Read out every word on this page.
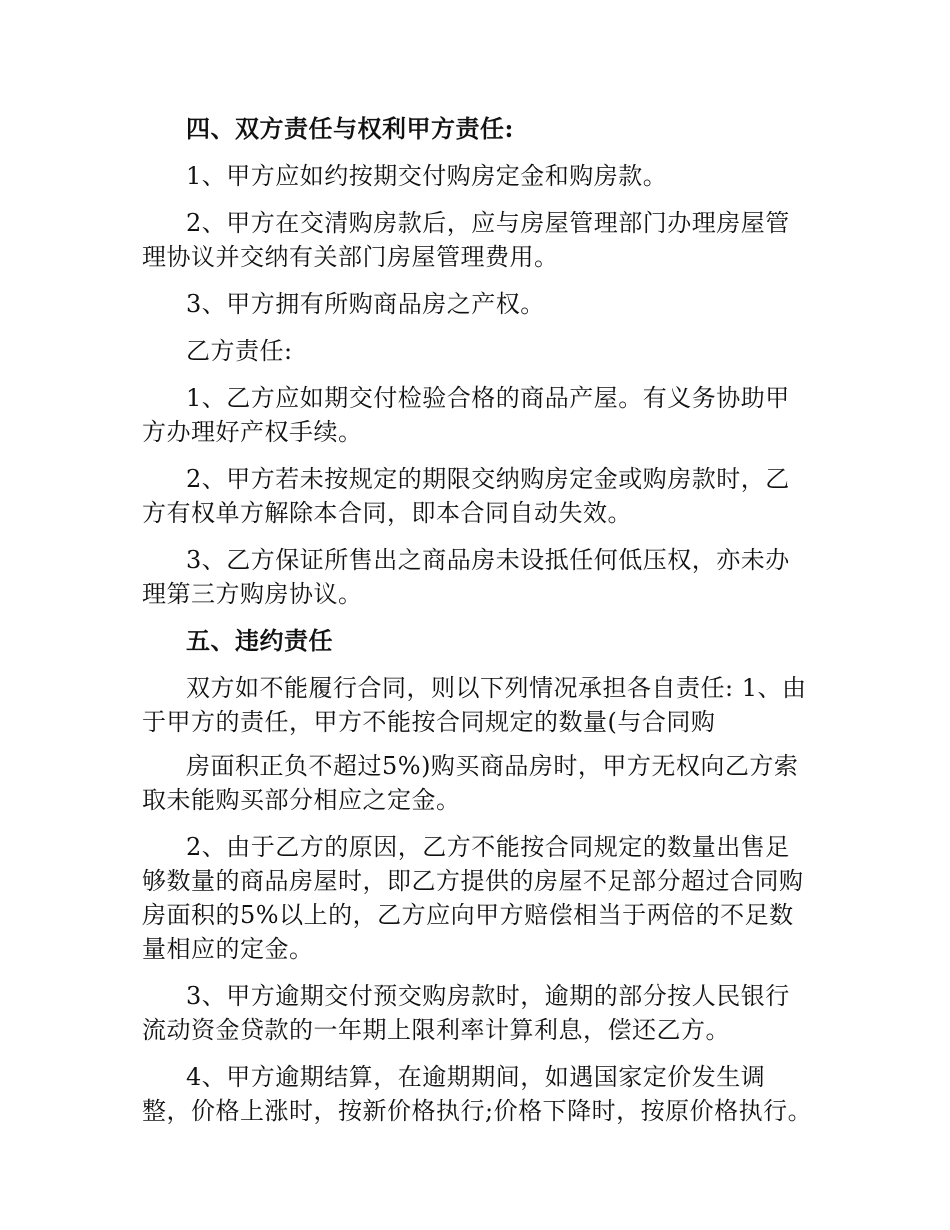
四、双方责任与权利甲方责任:

1、甲方应如约按期交付购房定金和购房款。

2、甲方在交清购房款后，应与房屋管理部门办理房屋管理协议并交纳有关部门房屋管理费用。

3、甲方拥有所购商品房之产权。

乙方责任:

1、乙方应如期交付检验合格的商品产屋。有义务协助甲方办理好产权手续。

2、甲方若未按规定的期限交纳购房定金或购房款时，乙方有权单方解除本合同，即本合同自动失效。

3、乙方保证所售出之商品房未设抵任何低压权，亦未办理第三方购房协议。

五、违约责任

双方如不能履行合同，则以下列情况承担各自责任: 1、由于甲方的责任，甲方不能按合同规定的数量(与合同购

房面积正负不超过5%)购买商品房时，甲方无权向乙方索取未能购买部分相应之定金。

2、由于乙方的原因，乙方不能按合同规定的数量出售足够数量的商品房屋时，即乙方提供的房屋不足部分超过合同购房面积的5%以上的，乙方应向甲方赔偿相当于两倍的不足数量相应的定金。

3、甲方逾期交付预交购房款时，逾期的部分按人民银行流动资金贷款的一年期上限利率计算利息，偿还乙方。

4、甲方逾期结算，在逾期期间，如遇国家定价发生调整，价格上涨时，按新价格执行;价格下降时，按原价格执行。
